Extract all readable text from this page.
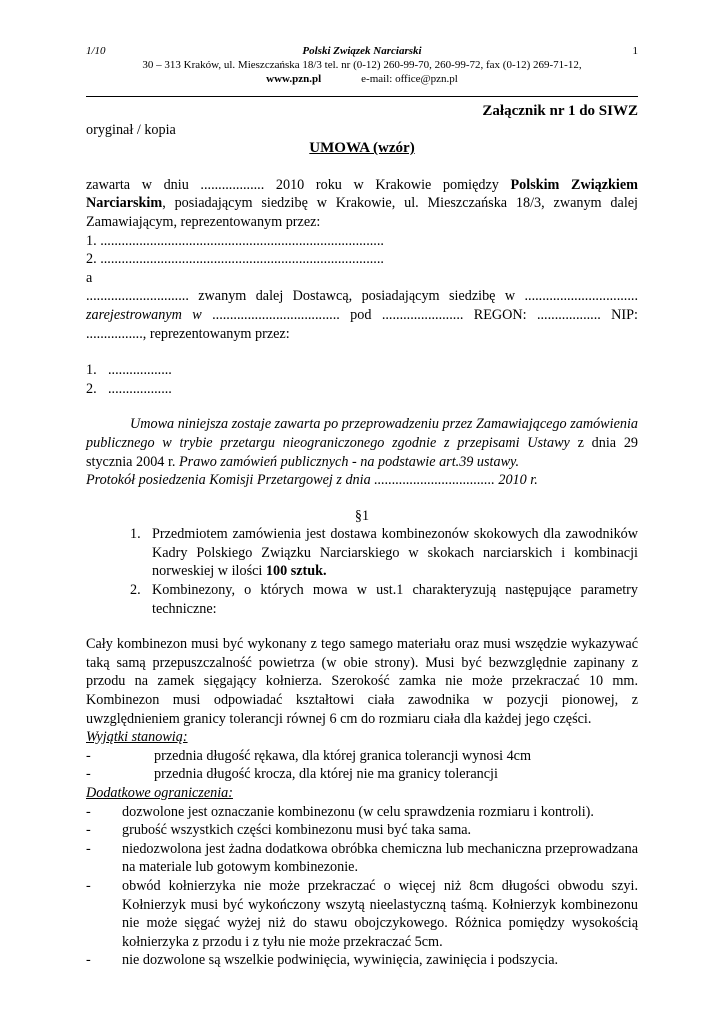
1/10	Polski Związek Narciarski	1
30 – 313 Kraków, ul. Mieszczańska 18/3 tel. nr (0-12) 260-99-70, 260-99-72, fax (0-12) 269-71-12,
www.pzn.pl	e-mail: office@pzn.pl

Załącznik nr 1 do SIWZ

oryginał / kopia

UMOWA (wzór)

zawarta w dniu .................. 2010 roku w Krakowie pomiędzy Polskim Związkiem Narciarskim, posiadającym siedzibę w Krakowie, ul. Mieszczańska 18/3, zwanym dalej Zamawiającym, reprezentowanym przez:

1. ................................................................................

2. ................................................................................

a

............................. zwanym dalej Dostawcą, posiadającym siedzibę w ................................

zarejestrowanym w .................................... pod ....................... REGON: .................. NIP:

................, reprezentowanym przez:

1. ..................
2. ..................

Umowa niniejsza zostaje zawarta po przeprowadzeniu przez Zamawiającego zamówienia publicznego w trybie przetargu nieograniczonego zgodnie z przepisami Ustawy z dnia 29 stycznia 2004 r. Prawo zamówień publicznych - na podstawie art.39 ustawy.

Protokół posiedzenia Komisji Przetargowej z dnia .................................. 2010 r.

§1

1. Przedmiotem zamówienia jest dostawa kombinezonów skokowych dla zawodników Kadry Polskiego Związku Narciarskiego w skokach narciarskich i kombinacji norweskiej w ilości 100 sztuk.
2. Kombinezony, o których mowa w ust.1 charakteryzują następujące parametry techniczne:

Cały kombinezon musi być wykonany z tego samego materiału oraz musi wszędzie wykazywać taką samą przepuszczalność powietrza (w obie strony). Musi być bezwzględnie zapinany z przodu na zamek sięgający kołnierza. Szerokość zamka nie może przekraczać 10 mm. Kombinezon musi odpowiadać kształtowi ciała zawodnika w pozycji pionowej, z uwzględnieniem granicy tolerancji równej 6 cm do rozmiaru ciała dla każdej jego części.

Wyjątki stanowią:

-	przednia długość rękawa, dla której granica tolerancji wynosi 4cm
-	przednia długość krocza, dla której nie ma granicy tolerancji

Dodatkowe ograniczenia:

-	dozwolone jest oznaczanie kombinezonu (w celu sprawdzenia rozmiaru i kontroli).
-	grubość wszystkich części kombinezonu musi być taka sama.
-	niedozwolona jest żadna dodatkowa obróbka chemiczna lub mechaniczna przeprowadzana na materiale lub gotowym kombinezonie.
-	obwód kołnierzyka nie może przekraczać o więcej niż 8cm długości obwodu szyi. Kołnierzyk musi być wykończony wszytą nieelastyczną taśmą. Kołnierzyk kombinezonu nie może sięgać wyżej niż do stawu obojczykowego. Różnica pomiędzy wysokością kołnierzyka z przodu i z tyłu nie może przekraczać 5cm.
-	nie dozwolone są wszelkie podwinięcia, wywinięcia, zawinięcia i podszycia.
